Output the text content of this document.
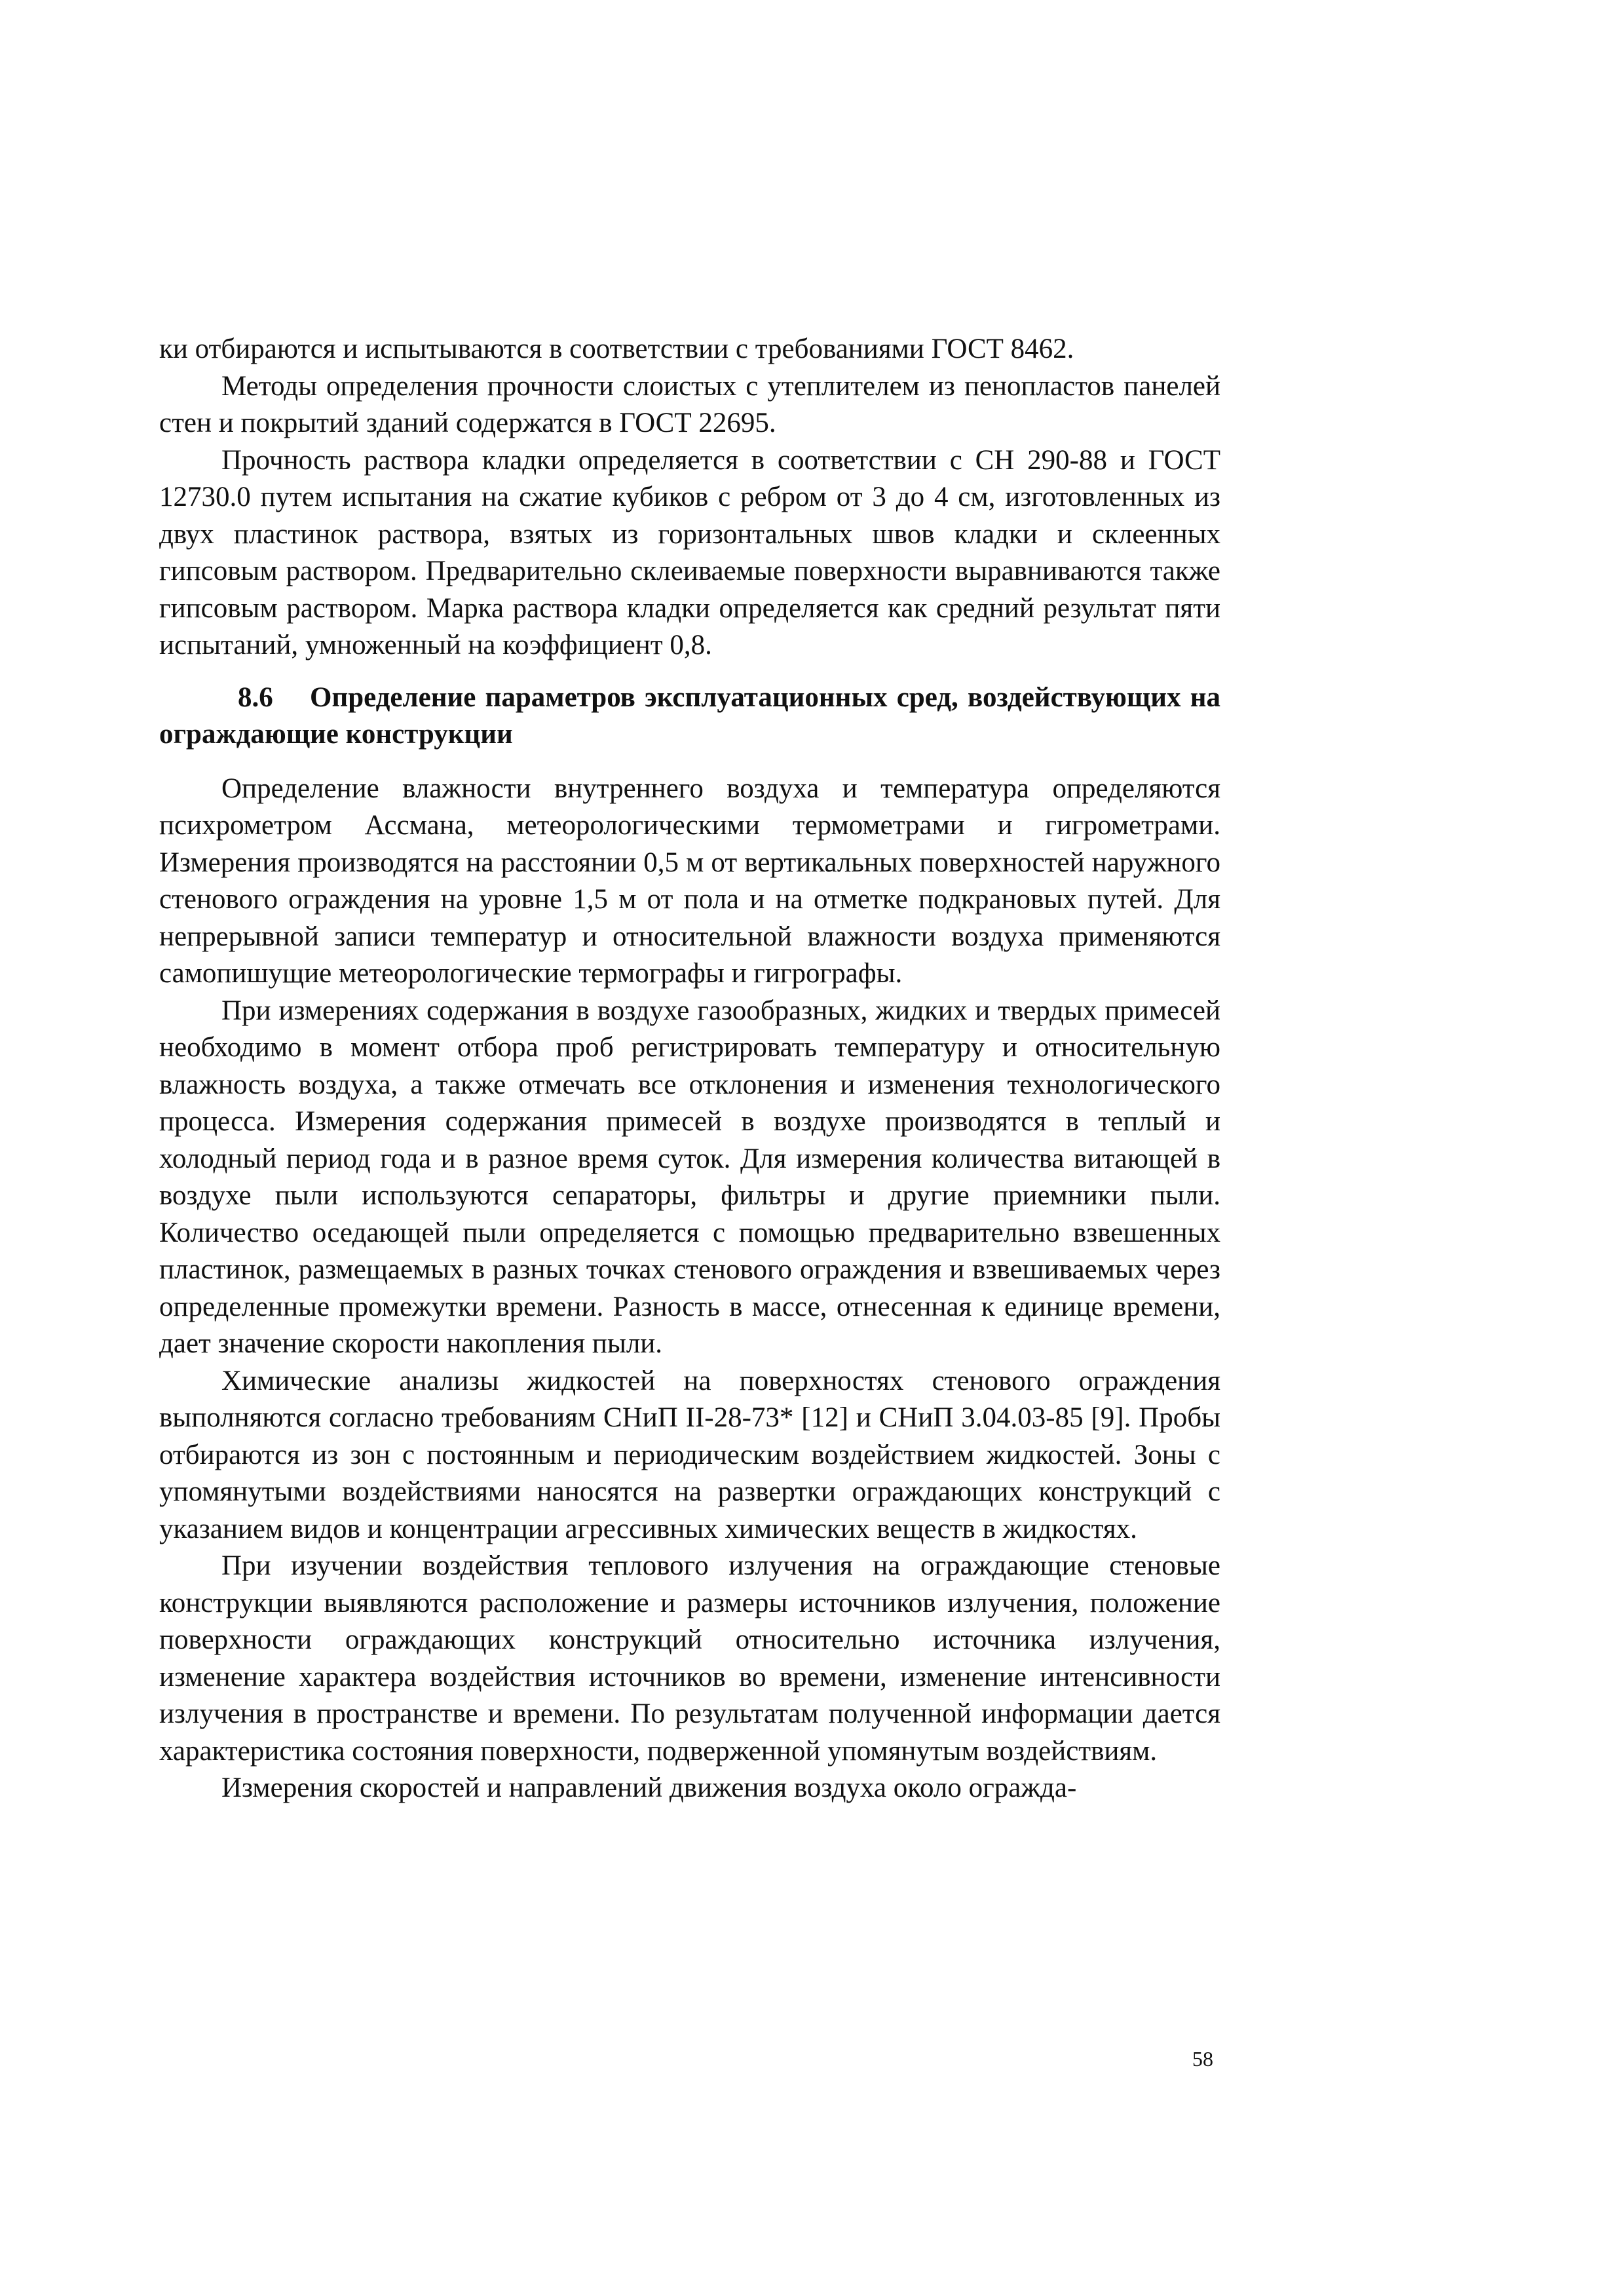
ки отбираются и испытываются в соответствии с требованиями ГОСТ 8462.

Методы определения прочности слоистых с утеплителем из пенопластов панелей стен и покрытий зданий содержатся в ГОСТ 22695.

Прочность раствора кладки определяется в соответствии с СН 290-88 и ГОСТ 12730.0 путем испытания на сжатие кубиков с ребром от 3 до 4 см, изготовленных из двух пластинок раствора, взятых из горизонтальных швов кладки и склеенных гипсовым раствором. Предварительно склеиваемые поверхности выравниваются также гипсовым раствором. Марка раствора кладки определяется как средний результат пяти испытаний, умноженный на коэффициент 0,8.

8.6 Определение параметров эксплуатационных сред, воздействующих на ограждающие конструкции

Определение влажности внутреннего воздуха и температура определяются психрометром Ассмана, метеорологическими термометрами и гигрометрами. Измерения производятся на расстоянии 0,5 м от вертикальных поверхностей наружного стенового ограждения на уровне 1,5 м от пола и на отметке подкрановых путей. Для непрерывной записи температур и относительной влажности воздуха применяются самопишущие метеорологические термографы и гигрографы.

При измерениях содержания в воздухе газообразных, жидких и твердых примесей необходимо в момент отбора проб регистрировать температуру и относительную влажность воздуха, а также отмечать все отклонения и изменения технологического процесса. Измерения содержания примесей в воздухе производятся в теплый и холодный период года и в разное время суток. Для измерения количества витающей в воздухе пыли используются сепараторы, фильтры и другие приемники пыли. Количество оседающей пыли определяется с помощью предварительно взвешенных пластинок, размещаемых в разных точках стенового ограждения и взвешиваемых через определенные промежутки времени. Разность в массе, отнесенная к единице времени, дает значение скорости накопления пыли.

Химические анализы жидкостей на поверхностях стенового ограждения выполняются согласно требованиям СНиП II-28-73* [12] и СНиП 3.04.03-85 [9]. Пробы отбираются из зон с постоянным и периодическим воздействием жидкостей. Зоны с упомянутыми воздействиями наносятся на развертки ограждающих конструкций с указанием видов и концентрации агрессивных химических веществ в жидкостях.

При изучении воздействия теплового излучения на ограждающие стеновые конструкции выявляются расположение и размеры источников излучения, положение поверхности ограждающих конструкций относительно источника излучения, изменение характера воздействия источников во времени, изменение интенсивности излучения в пространстве и времени. По результатам полученной информации дается характеристика состояния поверхности, подверженной упомянутым воздействиям.

Измерения скоростей и направлений движения воздуха около огражда-

58
